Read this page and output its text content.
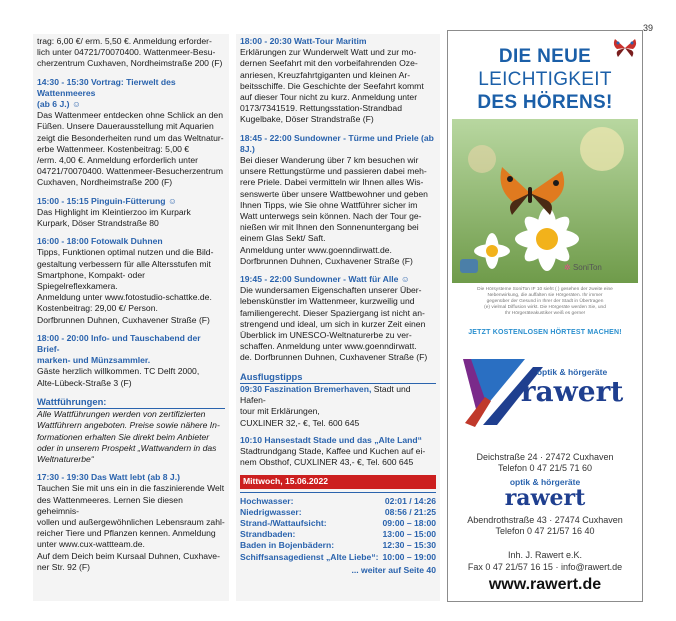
39

trag: 6,00 €/ erm. 5,50 €. Anmeldung erforder-

lich unter 04721/70070400. Wattenmeer-Besu-

cherzentrum Cuxhaven, Nordheimstraße 200 (F)

14:30 - 15:30 Vortrag: Tierwelt des Wattenmeeres

(ab 6 J.) ☺

Das Wattenmeer entdecken ohne Schlick an den

Füßen. Unsere Dauerausstellung mit Aquarien

zeigt die Besonderheiten rund um das Weltnatur-

erbe Wattenmeer. Kostenbeitrag: 5,00 €

/erm. 4,00 €. Anmeldung erforderlich unter

04721/70070400. Wattenmeer-Besucherzentrum

Cuxhaven, Nordheimstraße 200 (F)

15:00 - 15:15 Pinguin-Fütterung ☺

Das Highlight im Kleintierzoo im Kurpark

Kurpark, Döser Strandstraße 80

16:00 - 18:00 Fotowalk Duhnen

Tipps, Funktionen optimal nutzen und die Bild-

gestaltung verbessern für alle Altersstufen mit

Smartphone, Kompakt- oder Spiegelreflexkamera.

Anmeldung unter www.fotostudio-schattke.de.

Kostenbeitrag: 29,00 €/ Person.

Dorfbrunnen Duhnen, Cuxhavener Straße (F)

18:00 - 20:00 Info- und Tauschabend der Brief-

marken- und Münzsammler.

Gäste herzlich willkommen. TC Delft 2000,

Alte-Lübeck-Straße 3 (F)

Wattführungen:

Alle Wattführungen werden von zertifizierten

Wattführern angeboten. Preise sowie nähere In-

formationen erhalten Sie direkt beim Anbieter

oder in unserem Prospekt „Wattwandern in das

Weltnaturerbe“

17:30 - 19:30 Das Watt lebt (ab 8 J.)

Tauchen Sie mit uns ein in die faszinierende Welt

des Wattenmeeres. Lernen Sie diesen geheimnis-

vollen und außergewöhnlichen Lebensraum zahl-

reicher Tiere und Pflanzen kennen. Anmeldung

unter www.cux-wattteam.de.

Auf dem Deich beim Kursaal Duhnen, Cuxhave-

ner Str. 92 (F)

18:00 - 20:30 Watt-Tour Maritim

Erklärungen zur Wunderwelt Watt und zur mo-

dernen Seefahrt mit den vorbeifahrenden Oze-

anriesen, Kreuzfahrtgiganten und kleinen Ar-

beitsschiffe. Die Geschichte der Seefahrt kommt

auf dieser Tour nicht zu kurz. Anmeldung unter

0173/7341519. Rettungsstation-Strandbad

Kugelbake, Döser Strandstraße (F)

18:45 - 22:00 Sundowner - Türme und Priele (ab 8J.)

Bei dieser Wanderung über 7 km besuchen wir

unsere Rettungstürme und passieren dabei meh-

rere Priele. Dabei vermitteln wir Ihnen alles Wis-

senswerte über unsere Wattbewohner und geben

Ihnen Tipps, wie Sie ohne Wattführer sicher im

Watt unterwegs sein können. Nach der Tour ge-

nießen wir mit Ihnen den Sonnenuntergang bei

einem Glas Sekt/ Saft.

Anmeldung unter www.goenndirwatt.de.

Dorfbrunnen Duhnen, Cuxhavener Straße (F)

19:45 - 22:00 Sundowner - Watt für Alle ☺

Die wundersamen Eigenschaften unserer Über-

lebenskünstler im Wattenmeer, kurzweilig und

familiengerecht. Dieser Spaziergang ist nicht an-

strengend und ideal, um sich in kurzer Zeit einen

Überblick im UNESCO-Weltnaturerbe zu ver-

schaffen. Anmeldung unter www.goenndirwatt.

de. Dorfbrunnen Duhnen, Cuxhavener Straße (F)

Ausflugstipps

09:30 Faszination Bremerhaven, Stadt und Hafen-

tour mit Erklärungen,

CUXLINER 32,- €, Tel. 600 645

10:10 Hansestadt Stade und das „Alte Land“

Stadtrundgang Stade, Kaffee und Kuchen auf ei-

nem Obsthof, CUXLINER 43,- €, Tel. 600 645

Mittwoch, 15.06.2022
Hochwasser:	02:01 / 14:26
Niedrigwasser:	08:56 / 21:25
Strand-/Wattaufsicht:	09:00 – 18:00
Strandbaden:	13:00 – 15:00
Baden in Bojenbädern:	12:30 – 15:30
Schiffsansagedienst „Alte Liebe“: 10:00 – 19:00
... weiter auf Seite 40
DIE NEUE
LEICHTIGKEIT
DES HÖRENS!
✲ SoniTon
Die Hörsysteme SoniTon IF 10 sieht ( ) gesehen der zweite eine
Nebenwirkung, die auffalten sie Hörgeräten. Ihr immer
gegenüber der Gesund in Ihrer der Stadt in Übertragen
(e) vielmal Diffusion wirkt. Die Hörgeräte werden Sie, und
Ihr Hörgeräteakustiker weiß es gerne!
JETZT KOSTENLOSEN HÖRTEST MACHEN!
optik & hörgeräte
rawert
Deichstraße 24 · 27472 Cuxhaven
Telefon 0 47 21/5 71 60
optik & hörgeräte
rawert
Abendrothstraße 43 · 27474 Cuxhaven
Telefon 0 47 21/57 16 40
Inh. J. Rawert e.K.
Fax 0 47 21/57 16 15 · info@rawert.de
www.rawert.de
